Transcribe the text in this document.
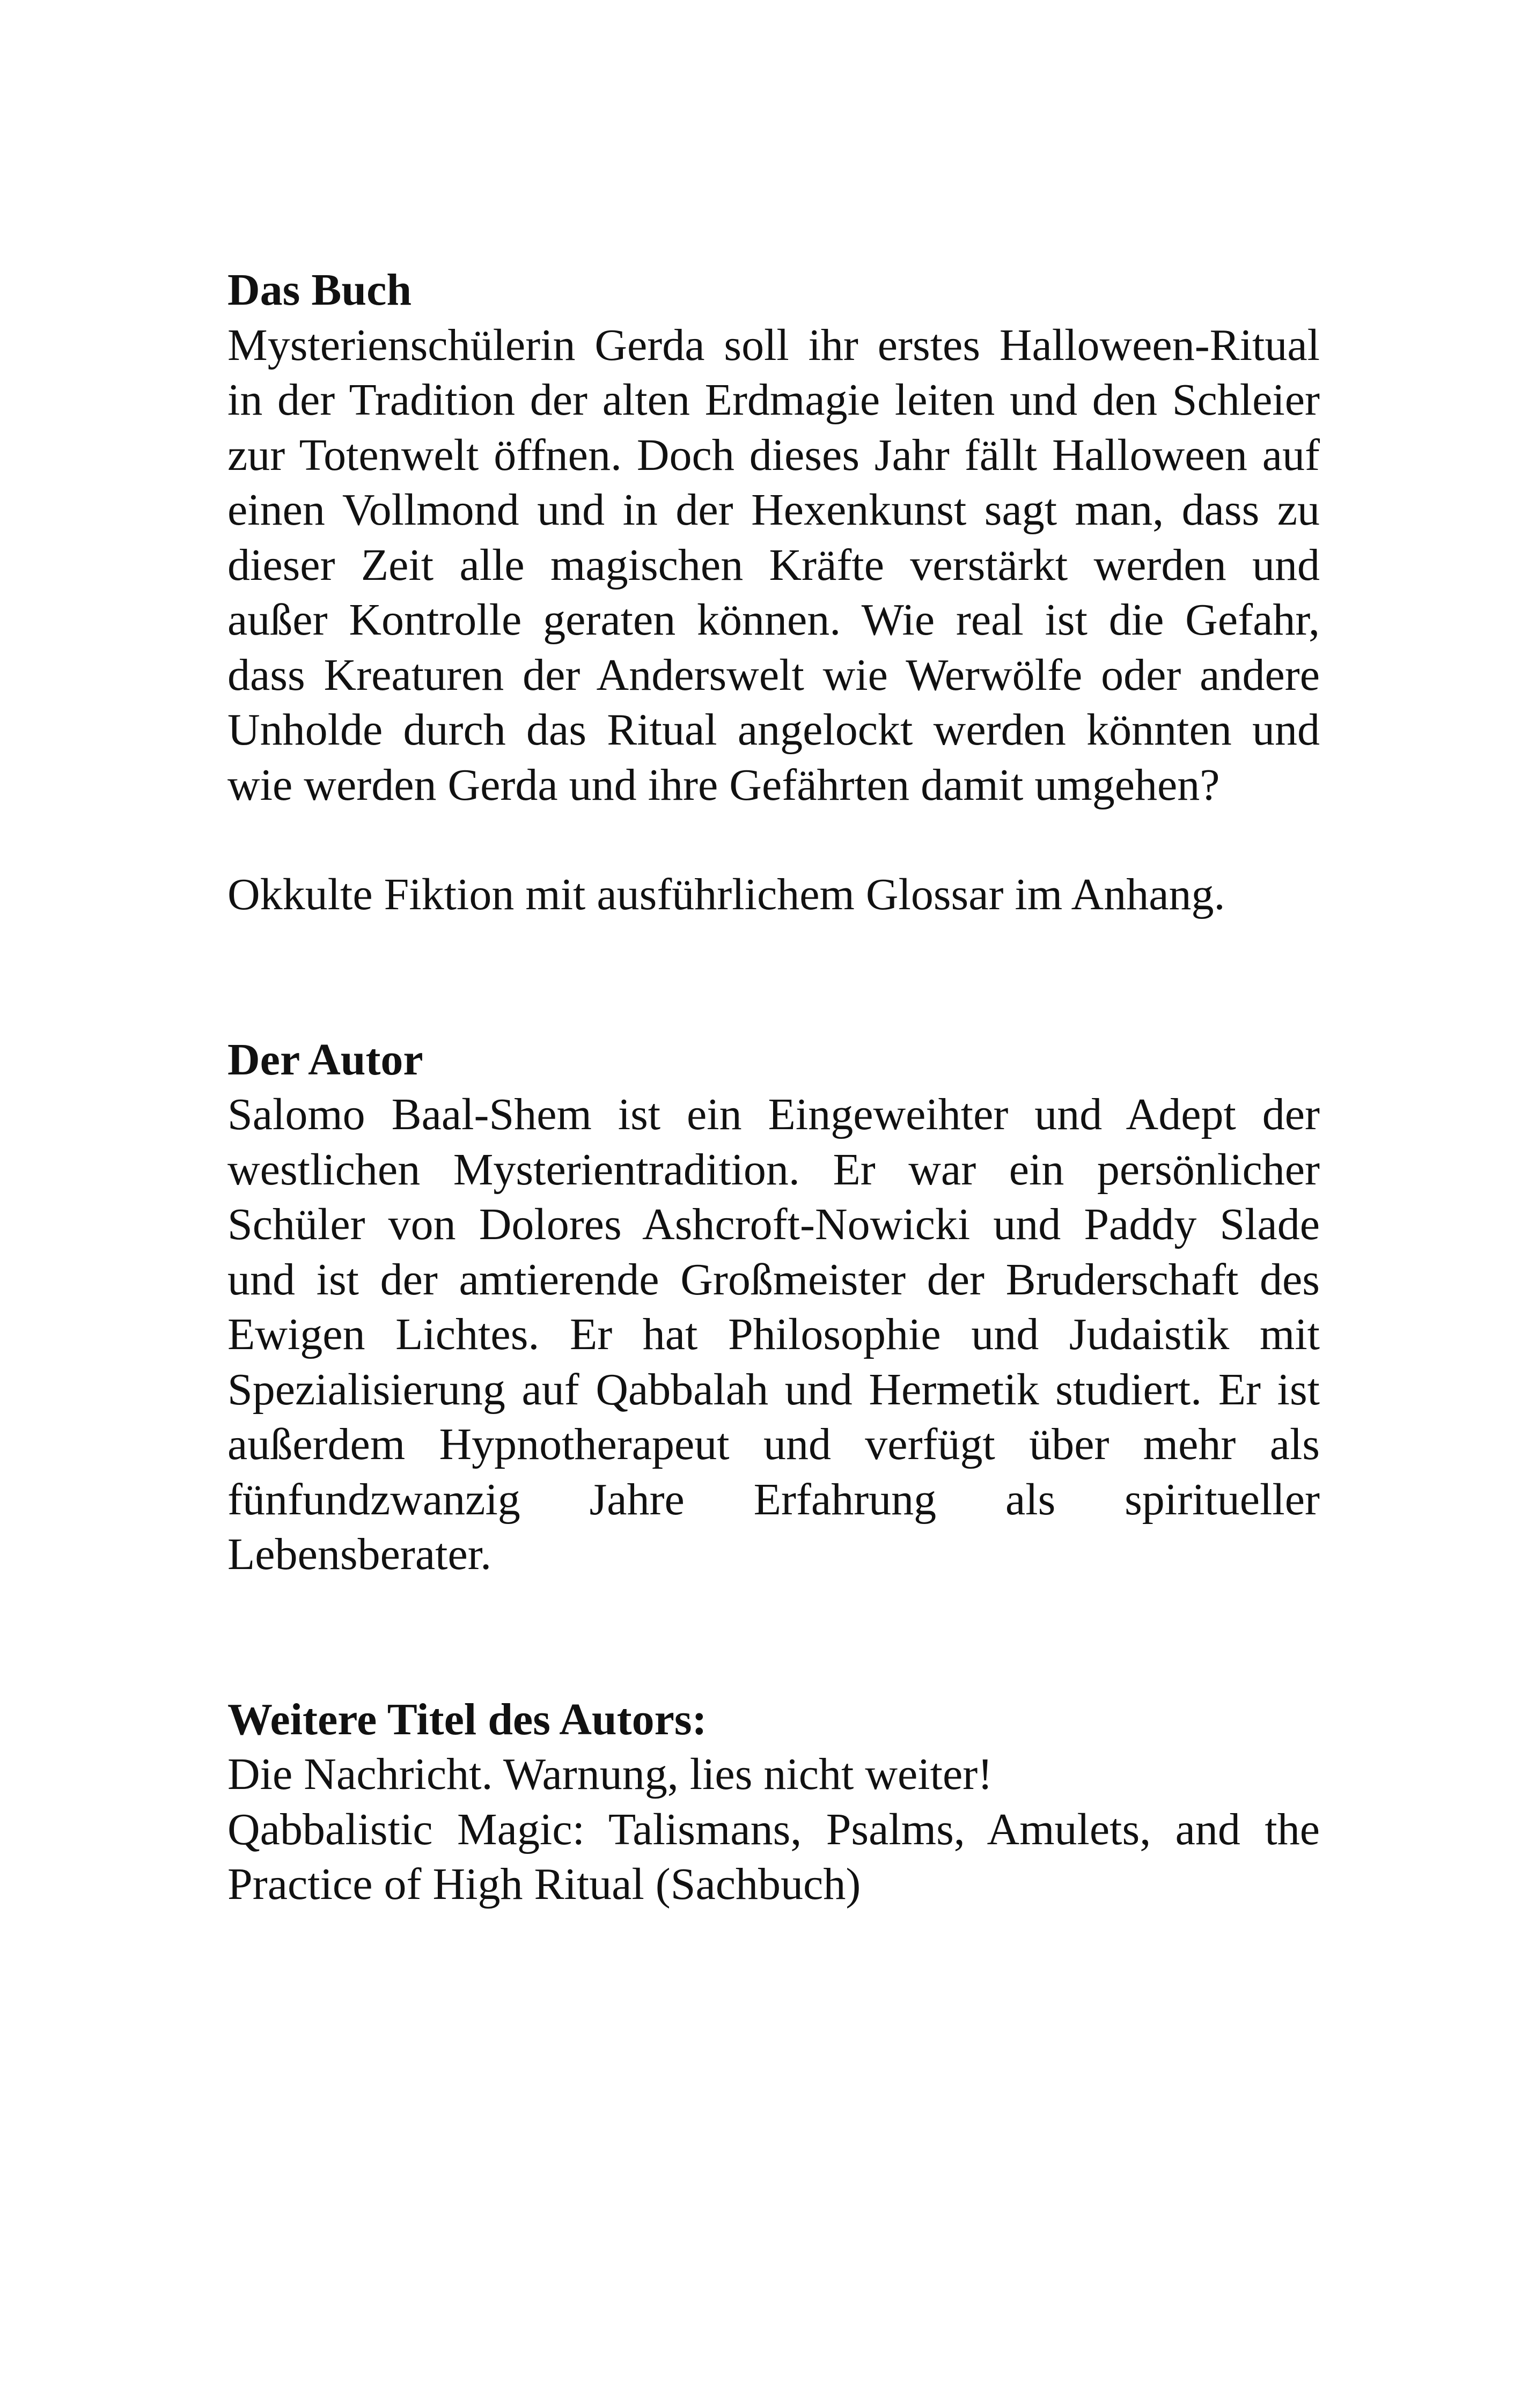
Das Buch

Mysterienschülerin Gerda soll ihr erstes Halloween-Ritual in der Tradition der alten Erdmagie leiten und den Schleier zur Totenwelt öffnen. Doch dieses Jahr fällt Halloween auf einen Vollmond und in der Hexenkunst sagt man, dass zu dieser Zeit alle magischen Kräfte verstärkt werden und außer Kontrolle geraten können. Wie real ist die Gefahr, dass Kreaturen der Anderswelt wie Werwölfe oder andere Unholde durch das Ritual angelockt werden könnten und wie werden Gerda und ihre Gefährten damit umgehen?

Okkulte Fiktion mit ausführlichem Glossar im Anhang.

Der Autor

Salomo Baal-Shem ist ein Eingeweihter und Adept der westlichen Mysterientradition. Er war ein persönlicher Schüler von Dolores Ashcroft-Nowicki und Paddy Slade und ist der amtierende Großmeister der Bruderschaft des Ewigen Lichtes. Er hat Philosophie und Judaistik mit Spezialisierung auf Qabbalah und Hermetik studiert. Er ist außerdem Hypnotherapeut und verfügt über mehr als fünfundzwanzig Jahre Erfahrung als spiritueller

Lebensberater.

Weitere Titel des Autors:

Die Nachricht. Warnung, lies nicht weiter!

Qabbalistic Magic: Talismans, Psalms, Amulets, and the Practice of High Ritual (Sachbuch)
